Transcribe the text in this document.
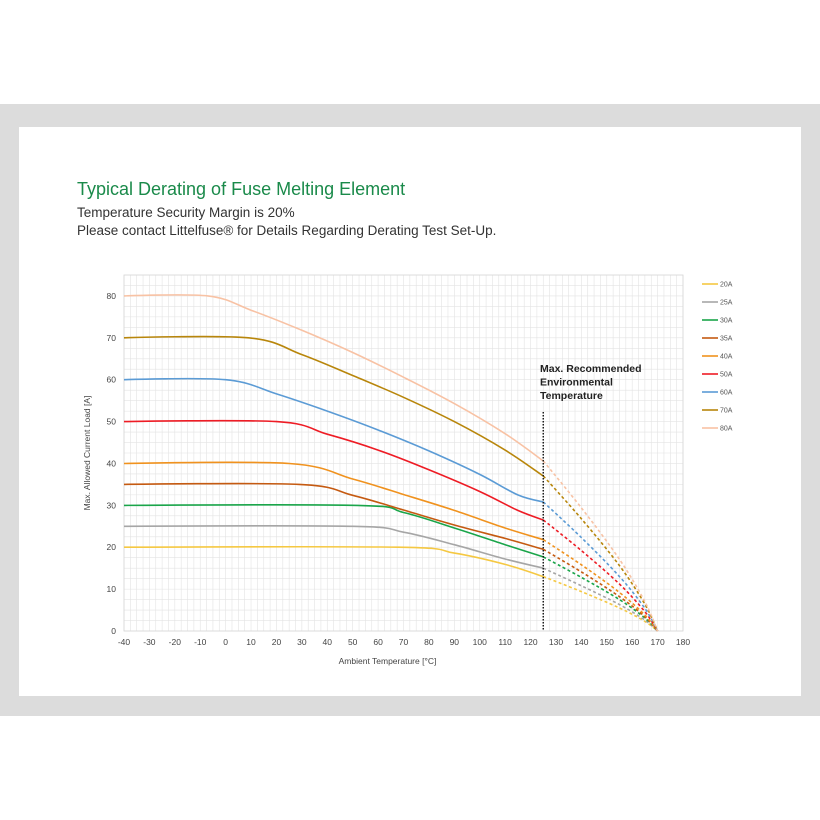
Typical Derating of Fuse Melting Element
Temperature Security Margin is 20%
Please contact Littelfuse® for Details Regarding Derating Test Set-Up.
-40 -30 -20 -10 0 10 20 30 40 50 60 70 80 90 100 110 120 130 140 150 160 170 180
0
10
20
30
40
50
60
70
80
Ambient Temperature [°C]
Max. Allowed Current Load [A]
Max. Recommended
Environmental
Temperature
20A
25A
30A
35A
40A
50A
60A
70A
80A
